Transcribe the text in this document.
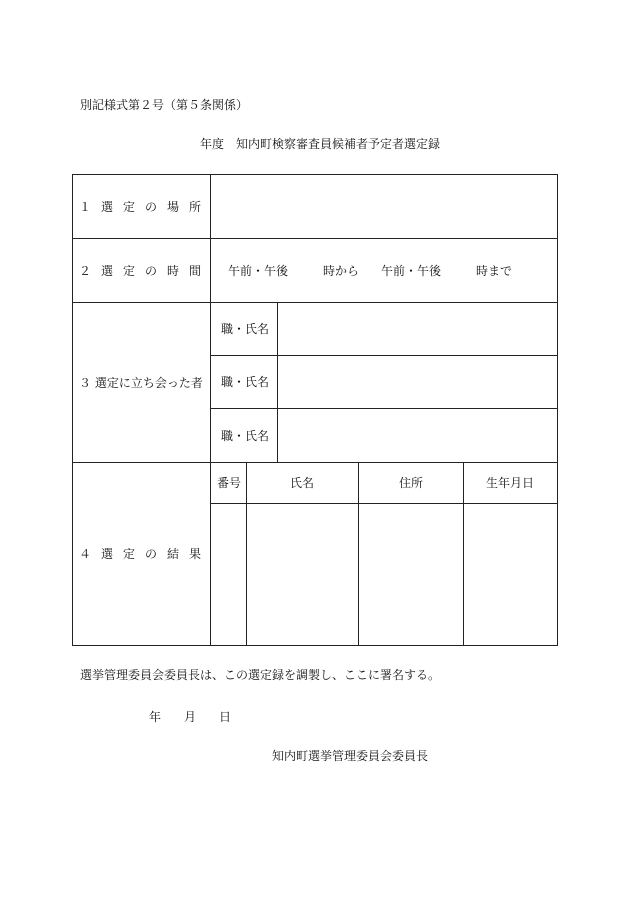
別記様式第２号（第５条関係）
年度　知内町検察審査員候補者予定者選定録
１選定の場所
２選定の時間 午前・午後	時から 午前・午後	時まで
３ 選定に立ち会った者
職・氏名
職・氏名
職・氏名
４選定の結果
番号	氏名	住所	生年月日
選挙管理委員会委員長は、この選定録を調製し、ここに署名する。
年 月 日
知内町選挙管理委員会委員長
